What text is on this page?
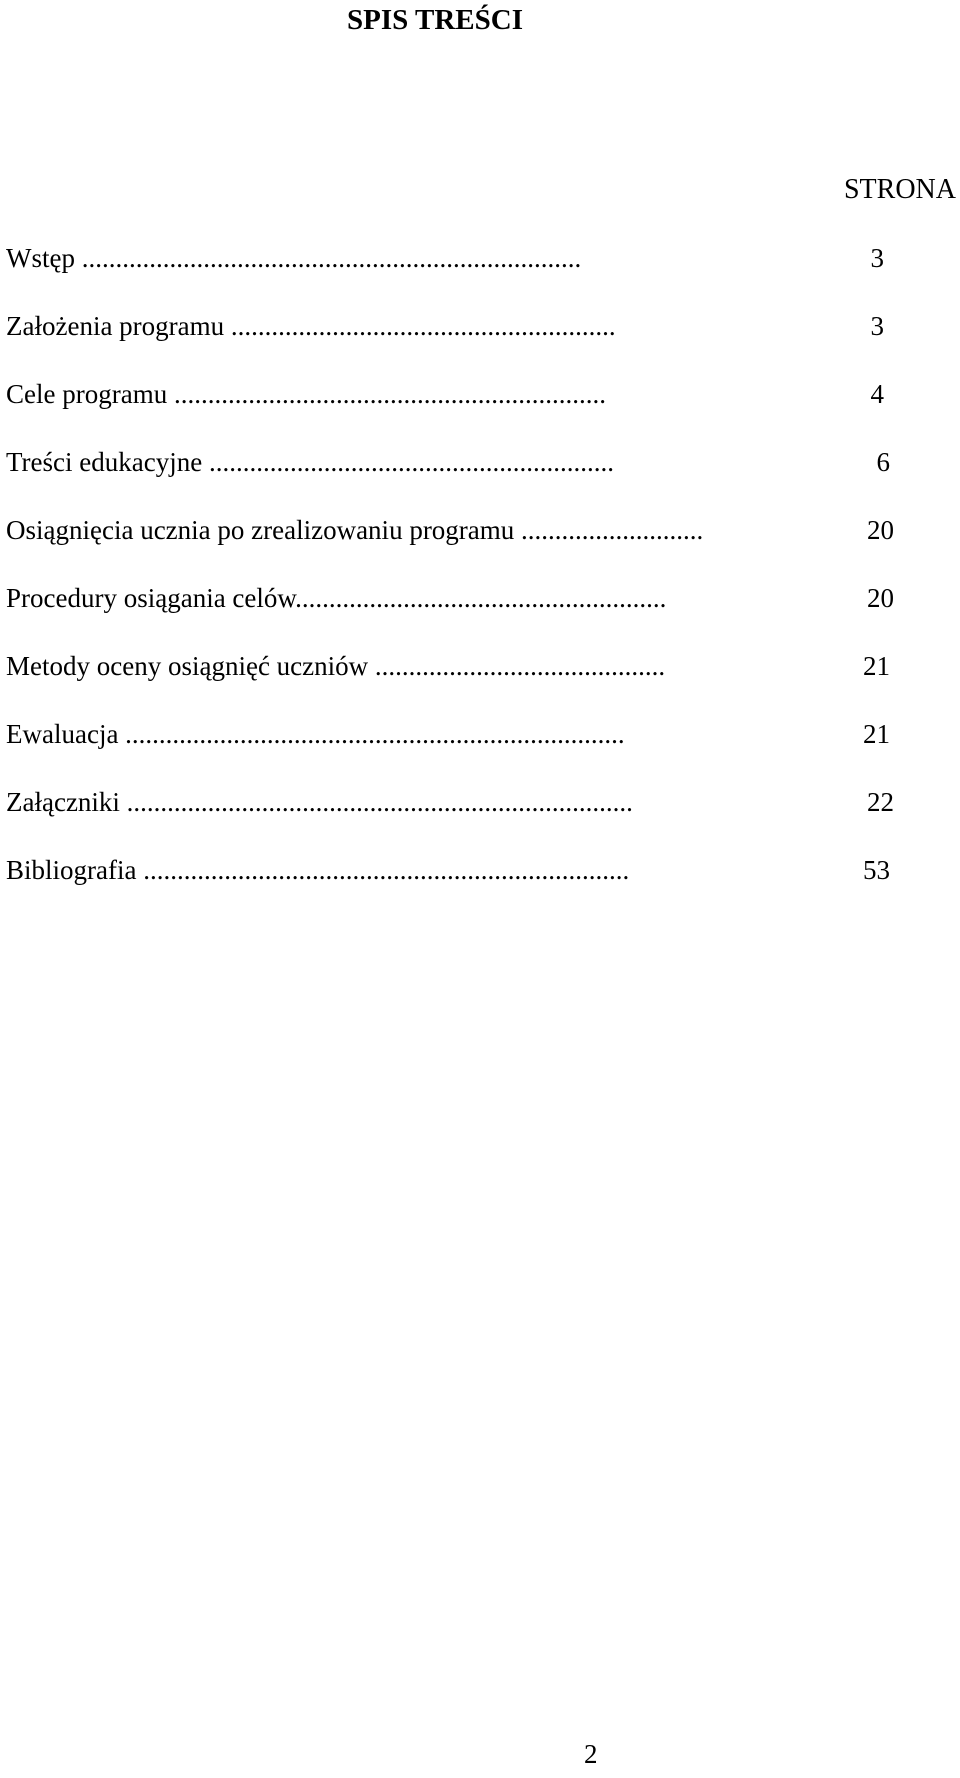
SPIS TREŚCI
STRONA
Wstęp ..........................................................................	3
Założenia programu .........................................................	3
Cele programu ................................................................	4
Treści edukacyjne ............................................................	6
Osiągnięcia ucznia po zrealizowaniu programu ...........................	20
Procedury osiągania celów.......................................................	20
Metody oceny osiągnięć uczniów ...........................................	21
Ewaluacja ..........................................................................	21
Załączniki ...........................................................................	22
Bibliografia ........................................................................	53
2
